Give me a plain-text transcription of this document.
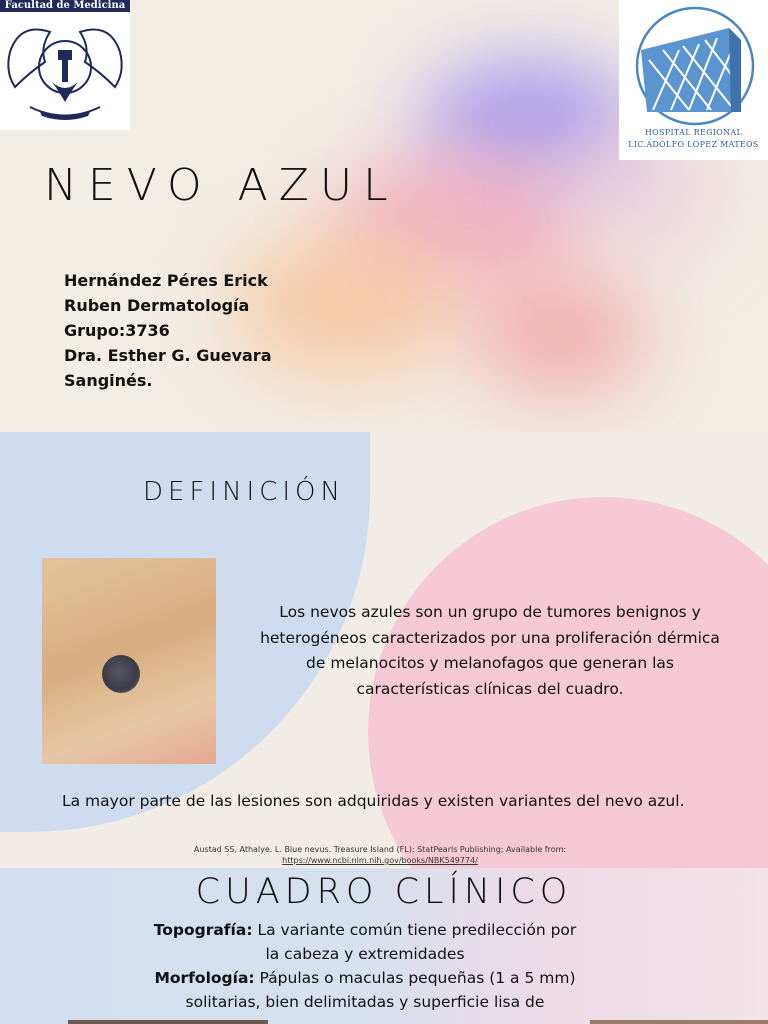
Facultad de Medicina
HOSPITAL REGIONAL
LIC.ADOLFO LOPEZ MATEOS
NEVO AZUL
Hernández Péres Erick
Ruben Dermatología
Grupo:3736
Dra. Esther G. Guevara
Sanginés.
DEFINICIÓN
Los nevos azules son un grupo de tumores benignos y heterogéneos caracterizados por una proliferación dérmica de melanocitos y melanofagos que generan las características clínicas del cuadro.
La mayor parte de las lesiones son adquiridas y existen variantes del nevo azul.
Austad SS, Athalye. L. Blue nevus. Treasure Island (FL): StatPearls Publishing; Available from: https://www.ncbi.nlm.nih.gov/books/NBK549774/
CUADRO CLÍNICO
Topografía: La variante común tiene predilección por la cabeza y extremidades
Morfología: Pápulas o maculas pequeñas (1 a 5 mm) solitarias, bien delimitadas y superficie lisa de
